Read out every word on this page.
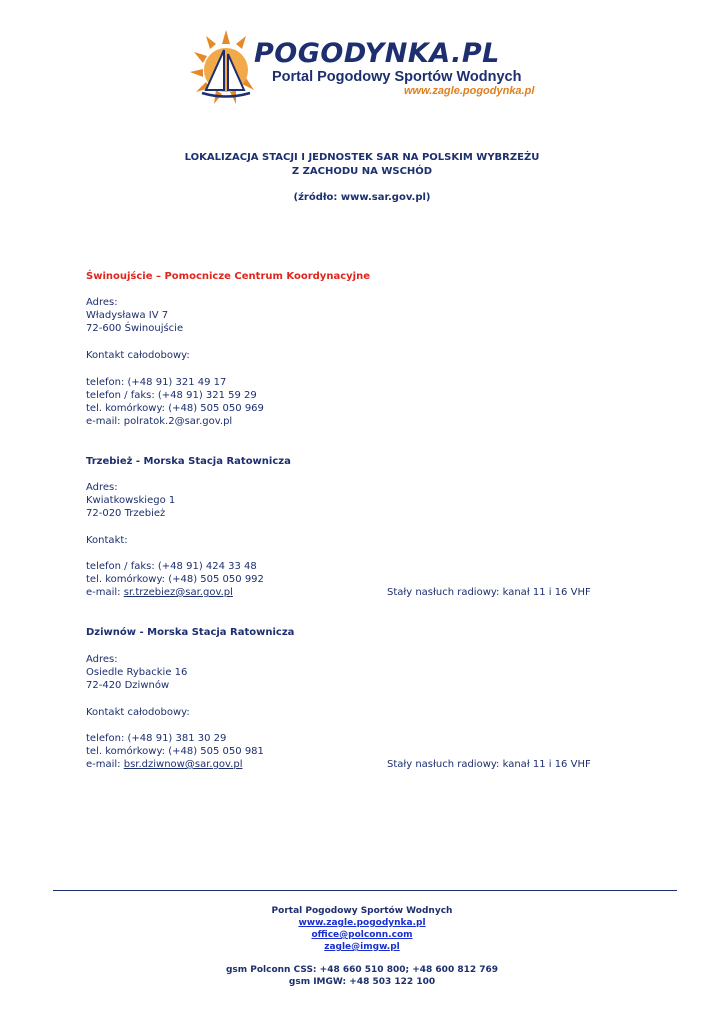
POGODYNKA.PL
Portal Pogodowy Sportów Wodnych
www.zagle.pogodynka.pl
LOKALIZACJA STACJI I JEDNOSTEK SAR NA POLSKIM WYBRZEŻU
Z ZACHODU NA WSCHÓD
(źródło: www.sar.gov.pl)
Świnoujście – Pomocnicze Centrum Koordynacyjne
Adres:
Władysława IV 7
72-600 Świnoujście
Kontakt całodobowy:
telefon: (+48 91) 321 49 17
telefon / faks: (+48 91) 321 59 29
tel. komórkowy: (+48) 505 050 969
e-mail: polratok.2@sar.gov.pl
Trzebież - Morska Stacja Ratownicza
Adres:
Kwiatkowskiego 1
72-020 Trzebież
Kontakt:
telefon / faks: (+48 91) 424 33 48
tel. komórkowy: (+48) 505 050 992
e-mail: sr.trzebiez@sar.gov.pl	Stały nasłuch radiowy: kanał 11 i 16 VHF
Dziwnów - Morska Stacja Ratownicza
Adres:
Osiedle Rybackie 16
72-420 Dziwnów
Kontakt całodobowy:
telefon: (+48 91) 381 30 29
tel. komórkowy: (+48) 505 050 981
e-mail: bsr.dziwnow@sar.gov.pl	Stały nasłuch radiowy: kanał 11 i 16 VHF
Portal Pogodowy Sportów Wodnych
www.zagle.pogodynka.pl
office@polconn.com
zagle@imgw.pl
gsm Polconn CSS: +48 660 510 800; +48 600 812 769
gsm IMGW: +48 503 122 100
